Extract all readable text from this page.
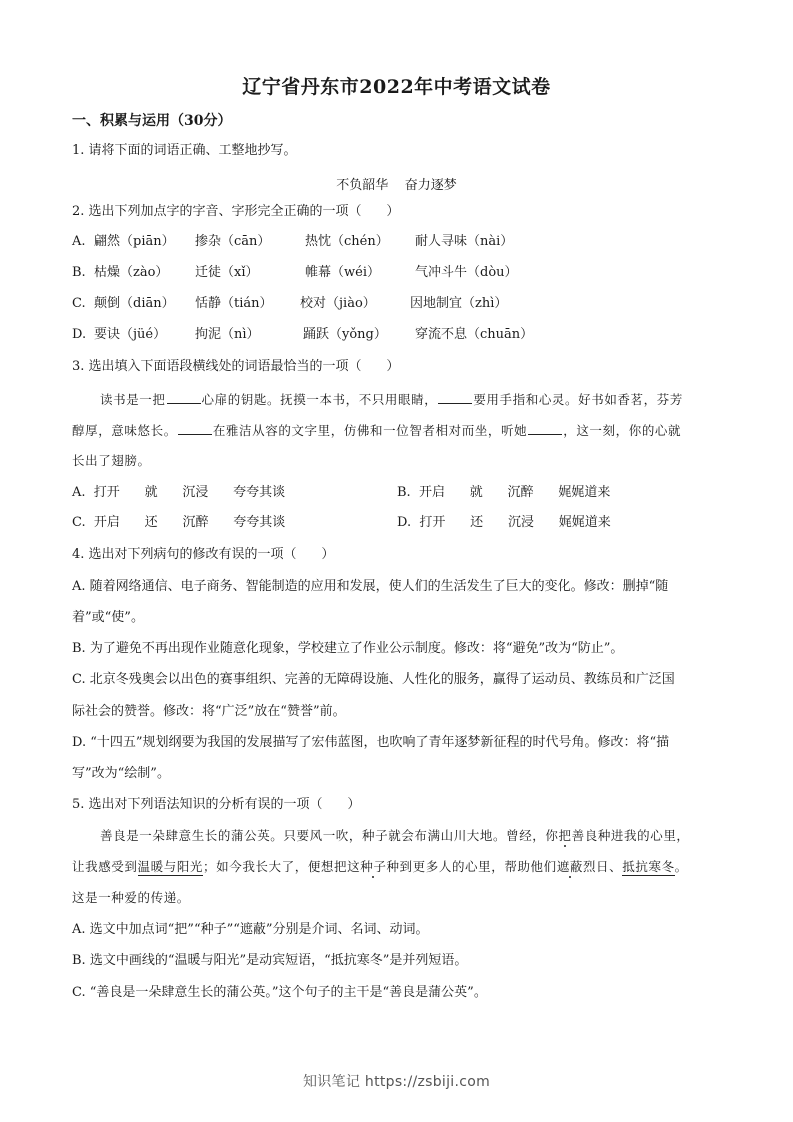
辽宁省丹东市2022年中考语文试卷
一、积累与运用（30分）
1. 请将下面的词语正确、工整地抄写。
不负韶华    奋力逐梦
2. 选出下列加点字的字音、字形完全正确的一项（      ）
A. 翩然（piān） 掺杂（cān）	热忱（chén） 耐人寻味（nài）
B. 枯燥（zào） 迁徒（xǐ）	帷幕（wéi）	气冲斗牛（dòu）
C. 颠倒（diān） 恬静（tián） 校对（jiào）	因地制宜（zhì）
D. 要诀（jüé） 拘泥（nì）	踊跃（yǒng） 穿流不息（chuān）
3. 选出填入下面语段横线处的词语最恰当的一项（      ）
读书是一把	心扉的钥匙。抚摸一本书，不只用眼睛，	要用手指和心灵。好书如香茗，芬芳
醇厚，意味悠长。	在雅洁从容的文字里，仿佛和一位智者相对而坐，听她	，这一刻，你的心就
长出了翅膀。
A.  打开      就      沉浸      夸夸其谈	B.  开启      就      沉醉      娓娓道来
C.  开启      还      沉醉      夸夸其谈	D.  打开      还      沉浸      娓娓道来
4. 选出对下列病句的修改有误的一项（      ）
A. 随着网络通信、电子商务、智能制造的应用和发展，使人们的生活发生了巨大的变化。修改：删掉“随
着”或“使”。
B. 为了避免不再出现作业随意化现象，学校建立了作业公示制度。修改：将“避免”改为“防止”。
C. 北京冬残奥会以出色的赛事组织、完善的无障碍设施、人性化的服务，赢得了运动员、教练员和广泛国
际社会的赞誉。修改：将“广泛”放在“赞誉”前。
D. “十四五”规划纲要为我国的发展描写了宏伟蓝图，也吹响了青年逐梦新征程的时代号角。修改：将“描
写”改为“绘制”。
5. 选出对下列语法知识的分析有误的一项（      ）
善良是一朵肆意生长的蒲公英。只要风一吹，种子就会布满山川大地。曾经，你把善良种进我的心里，
让我感受到温暖与阳光；如今我长大了，便想把这种子种到更多人的心里，帮助他们遮蔽烈日、抵抗寒冬。
这是一种爱的传递。
A. 选文中加点词“把”“种子”“遮蔽”分别是介词、名词、动词。
B. 选文中画线的“温暖与阳光”是动宾短语，“抵抗寒冬”是并列短语。
C. “善良是一朵肆意生长的蒲公英。”这个句子的主干是“善良是蒲公英”。
知识笔记 https://zsbiji.com
